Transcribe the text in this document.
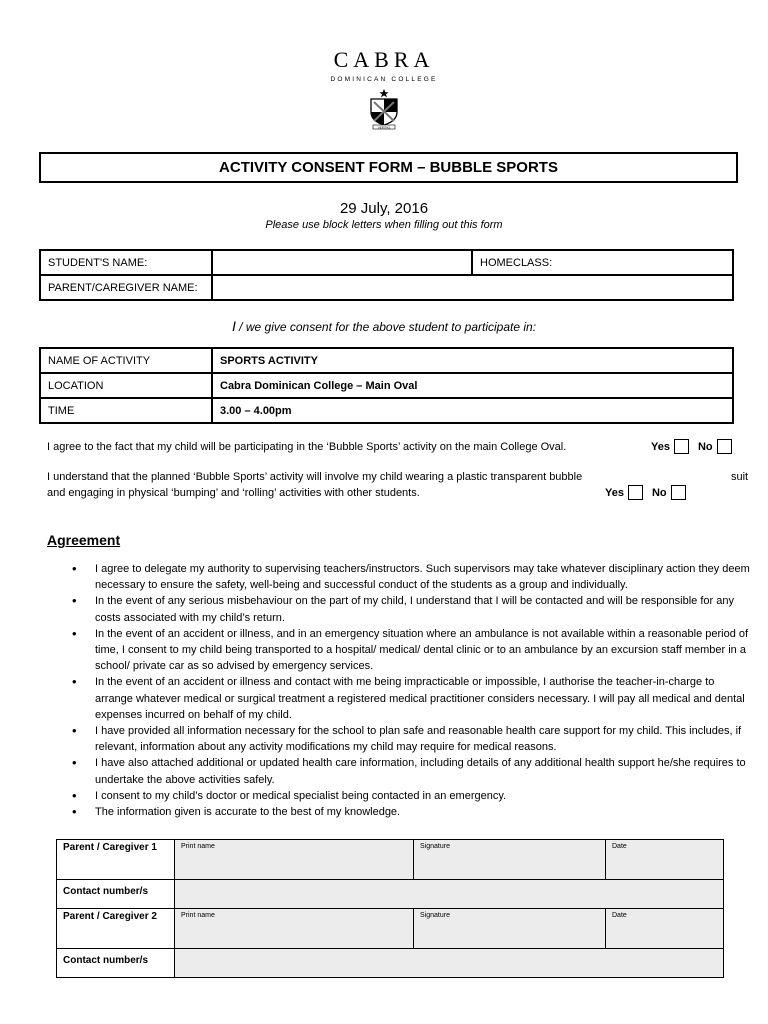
CABRA
DOMINICAN COLLEGE
VERITAS
ACTIVITY CONSENT FORM – BUBBLE SPORTS
29 July, 2016
Please use block letters when filling out this form
STUDENT'S NAME:		HOMECLASS:
PARENT/CAREGIVER NAME:		
I / we give consent for the above student to participate in:
NAME OF ACTIVITY	SPORTS ACTIVITY
LOCATION	Cabra Dominican College – Main Oval
TIME	3.00 – 4.00pm
I agree to the fact that my child will be participating in the ‘Bubble Sports’ activity on the main College Oval.	Yes	No
I understand that the planned ‘Bubble Sports’ activity will involve my child wearing a plastic transparent bubble	suit
and engaging in physical ‘bumping’ and ‘rolling’ activities with other students.	Yes	No
Agreement
• I agree to delegate my authority to supervising teachers/instructors. Such supervisors may take whatever disciplinary action they deem necessary to ensure the safety, well-being and successful conduct of the students as a group and individually.
• In the event of any serious misbehaviour on the part of my child, I understand that I will be contacted and will be responsible for any costs associated with my child’s return.
• In the event of an accident or illness, and in an emergency situation where an ambulance is not available within a reasonable period of time, I consent to my child being transported to a hospital/ medical/ dental clinic or to an ambulance by an excursion staff member in a school/ private car as so advised by emergency services.
• In the event of an accident or illness and contact with me being impracticable or impossible, I authorise the teacher-in-charge to arrange whatever medical or surgical treatment a registered medical practitioner considers necessary. I will pay all medical and dental expenses incurred on behalf of my child.
• I have provided all information necessary for the school to plan safe and reasonable health care support for my child. This includes, if relevant, information about any activity modifications my child may require for medical reasons.
• I have also attached additional or updated health care information, including details of any additional health support he/she requires to undertake the above activities safely.
• I consent to my child’s doctor or medical specialist being contacted in an emergency.
• The information given is accurate to the best of my knowledge.
Parent / Caregiver 1	Print name	Signature	Date
Contact number/s			
Parent / Caregiver 2	Print name	Signature	Date
Contact number/s			
